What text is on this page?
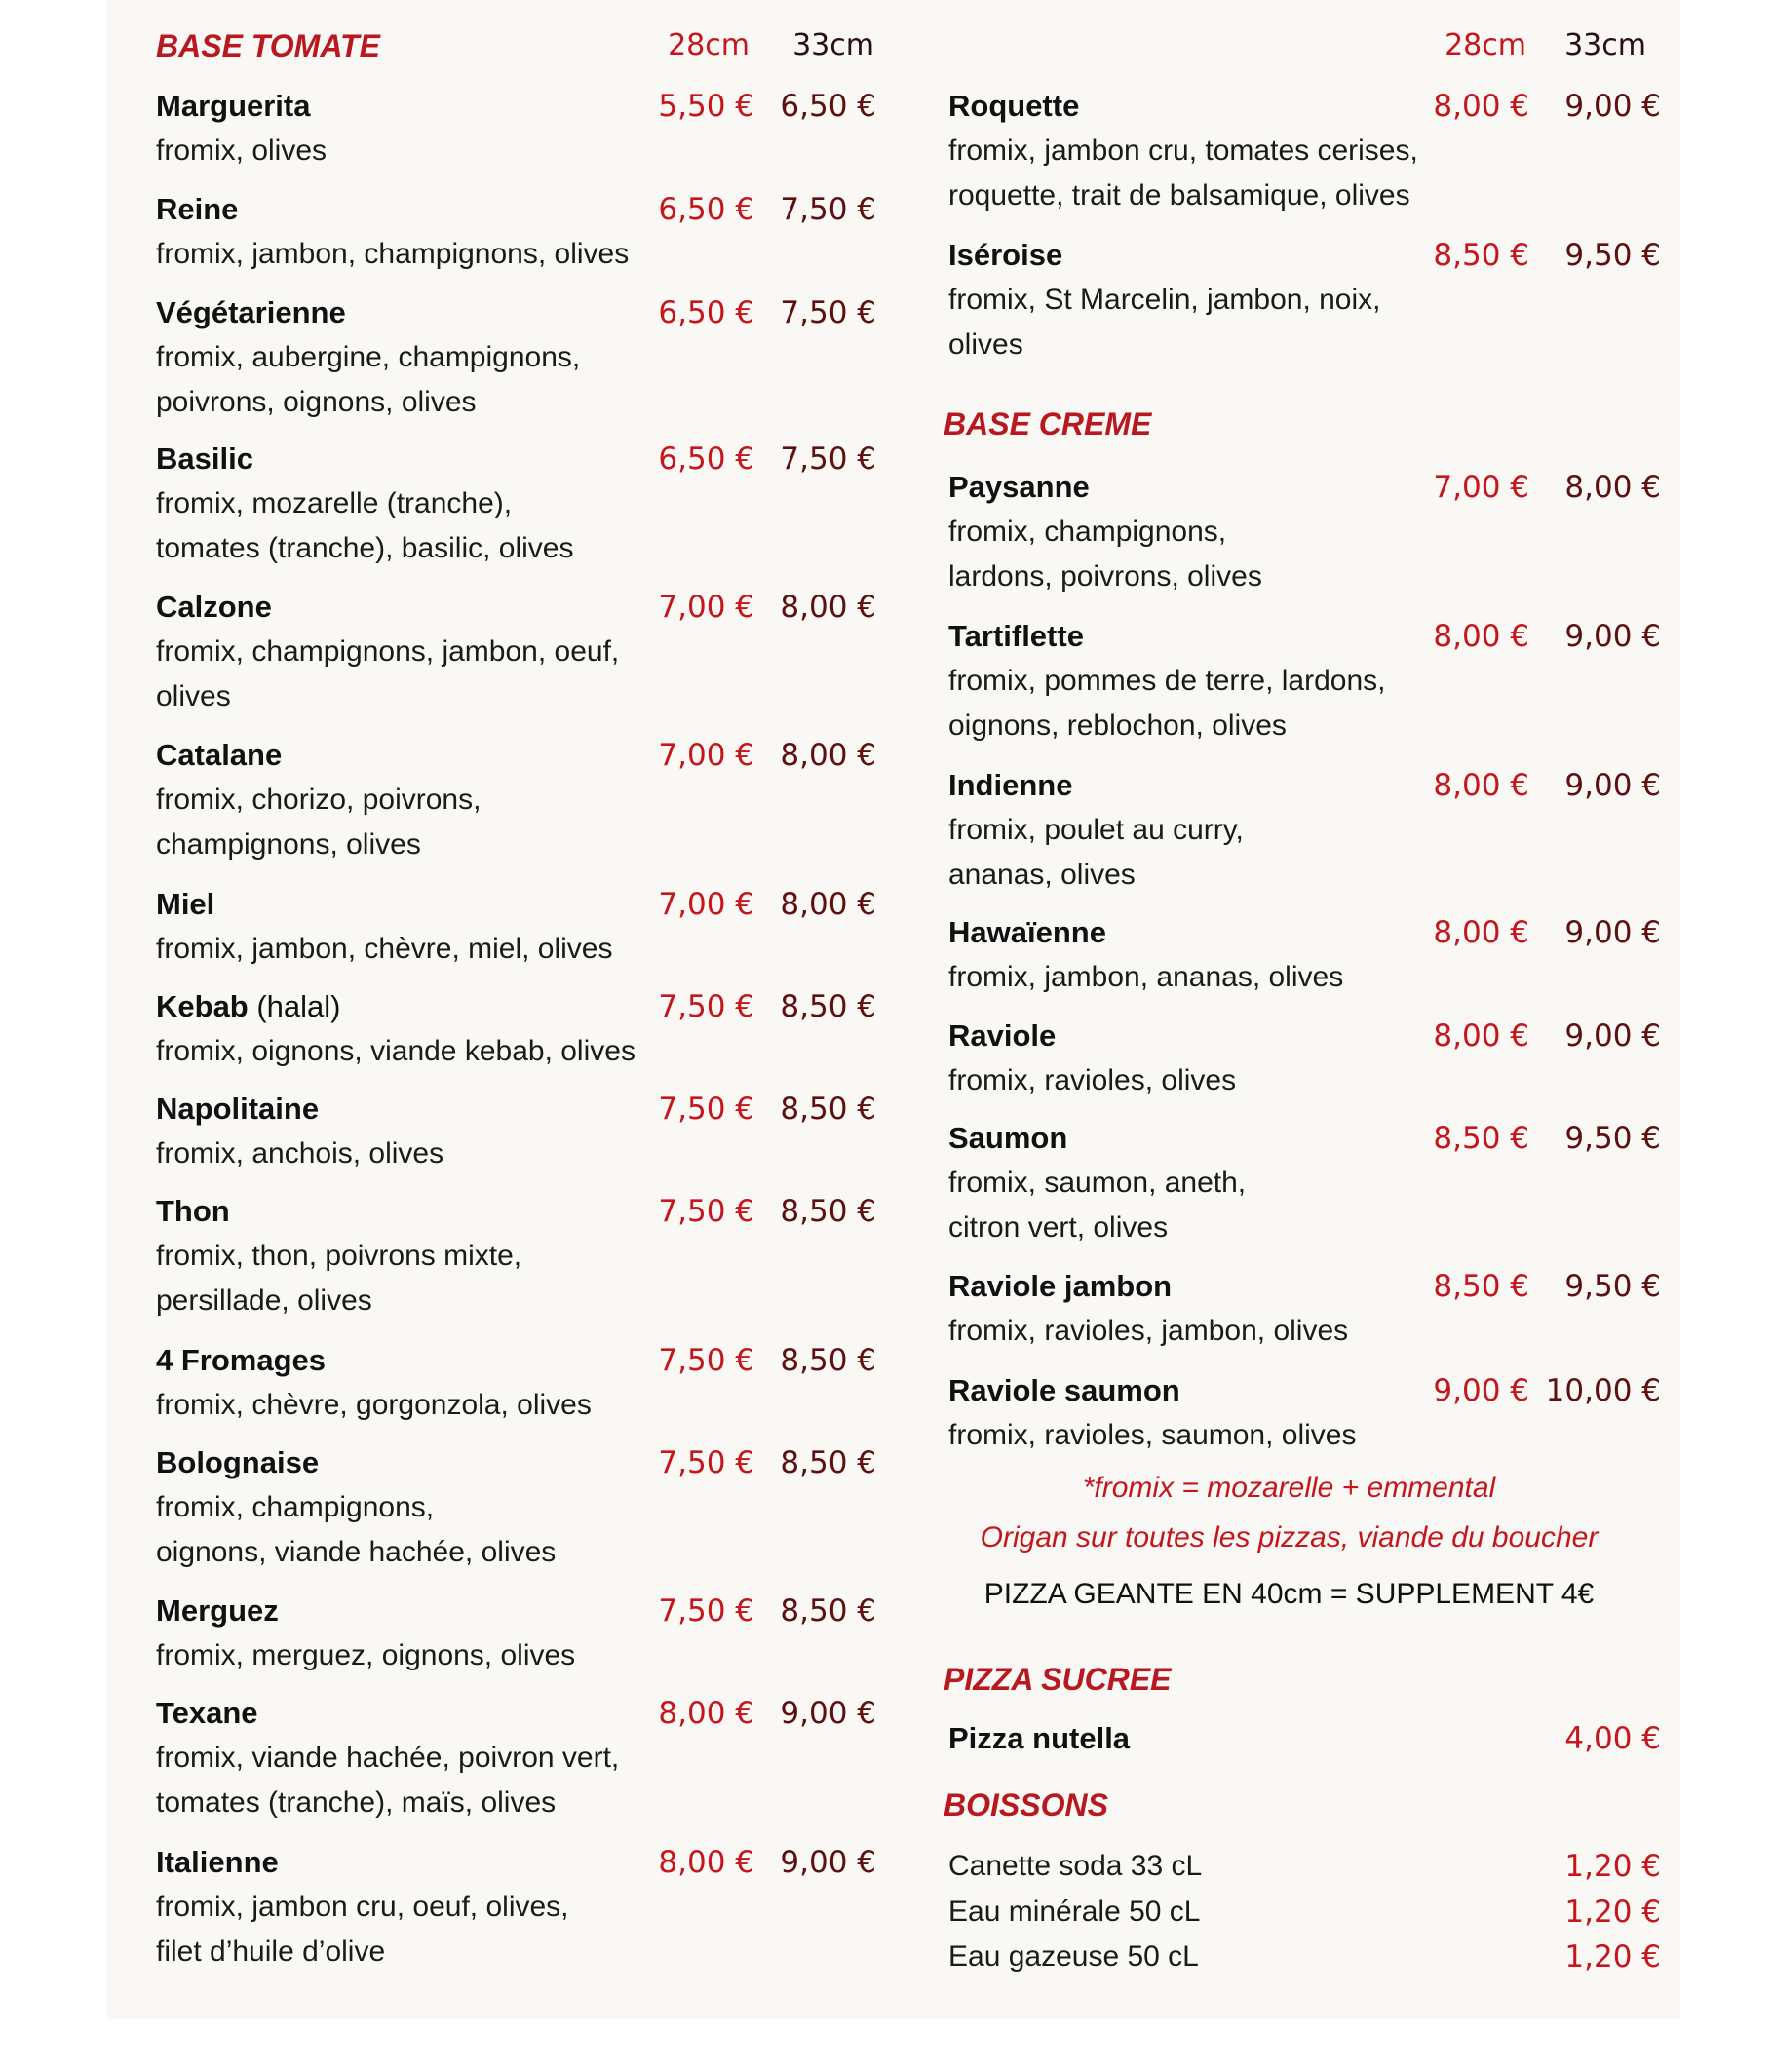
BASE TOMATE	28cm 33cm	28cm 33cm
BASE CREME
*fromix = mozarelle + emmental
Origan sur toutes les pizzas, viande du boucher
PIZZA GEANTE EN 40cm = SUPPLEMENT 4€
PIZZA SUCREE
BOISSONS
Marguerita
fromix, olives
5,50 € 6,50 €
Reine
fromix, jambon, champignons, olives
6,50 € 7,50 €
Végétarienne
fromix, aubergine, champignons,
poivrons, oignons, olives
6,50 € 7,50 €
Basilic
fromix, mozarelle (tranche),
tomates (tranche), basilic, olives
6,50 € 7,50 €
Calzone
fromix, champignons, jambon, oeuf,
olives
7,00 € 8,00 €
Catalane
fromix, chorizo, poivrons,
champignons, olives
7,00 € 8,00 €
Miel
fromix, jambon, chèvre, miel, olives
7,00 € 8,00 €
Kebab (halal)
fromix, oignons, viande kebab, olives
7,50 € 8,50 €
Napolitaine
fromix, anchois, olives
7,50 € 8,50 €
Thon
fromix, thon, poivrons mixte,
persillade, olives
7,50 € 8,50 €
4 Fromages
fromix, chèvre, gorgonzola, olives
7,50 € 8,50 €
Bolognaise
fromix, champignons,
oignons, viande hachée, olives
7,50 € 8,50 €
Merguez
fromix, merguez, oignons, olives
7,50 € 8,50 €
Texane
fromix, viande hachée, poivron vert,
tomates (tranche), maïs, olives
8,00 € 9,00 €
Italienne
fromix, jambon cru, oeuf, olives,
filet d’huile d’olive
8,00 € 9,00 €
Roquette
fromix, jambon cru, tomates cerises,
roquette, trait de balsamique, olives
8,00 € 9,00 €
Iséroise
fromix, St Marcelin, jambon, noix,
olives
8,50 € 9,50 €
Paysanne
fromix, champignons,
lardons, poivrons, olives
7,00 € 8,00 €
Tartiflette
fromix, pommes de terre, lardons,
oignons, reblochon, olives
8,00 € 9,00 €
Indienne
fromix, poulet au curry,
ananas, olives
8,00 € 9,00 €
Hawaïenne
fromix, jambon, ananas, olives
8,00 € 9,00 €
Raviole
fromix, ravioles, olives
8,00 € 9,00 €
Saumon
fromix, saumon, aneth,
citron vert, olives
8,50 € 9,50 €
Raviole jambon
fromix, ravioles, jambon, olives
8,50 € 9,50 €
Raviole saumon
fromix, ravioles, saumon, olives
9,00 € 10,00 €
Pizza nutella	4,00 €
Canette soda 33 cL	1,20 €
Eau minérale 50 cL	1,20 €
Eau gazeuse 50 cL	1,20 €
